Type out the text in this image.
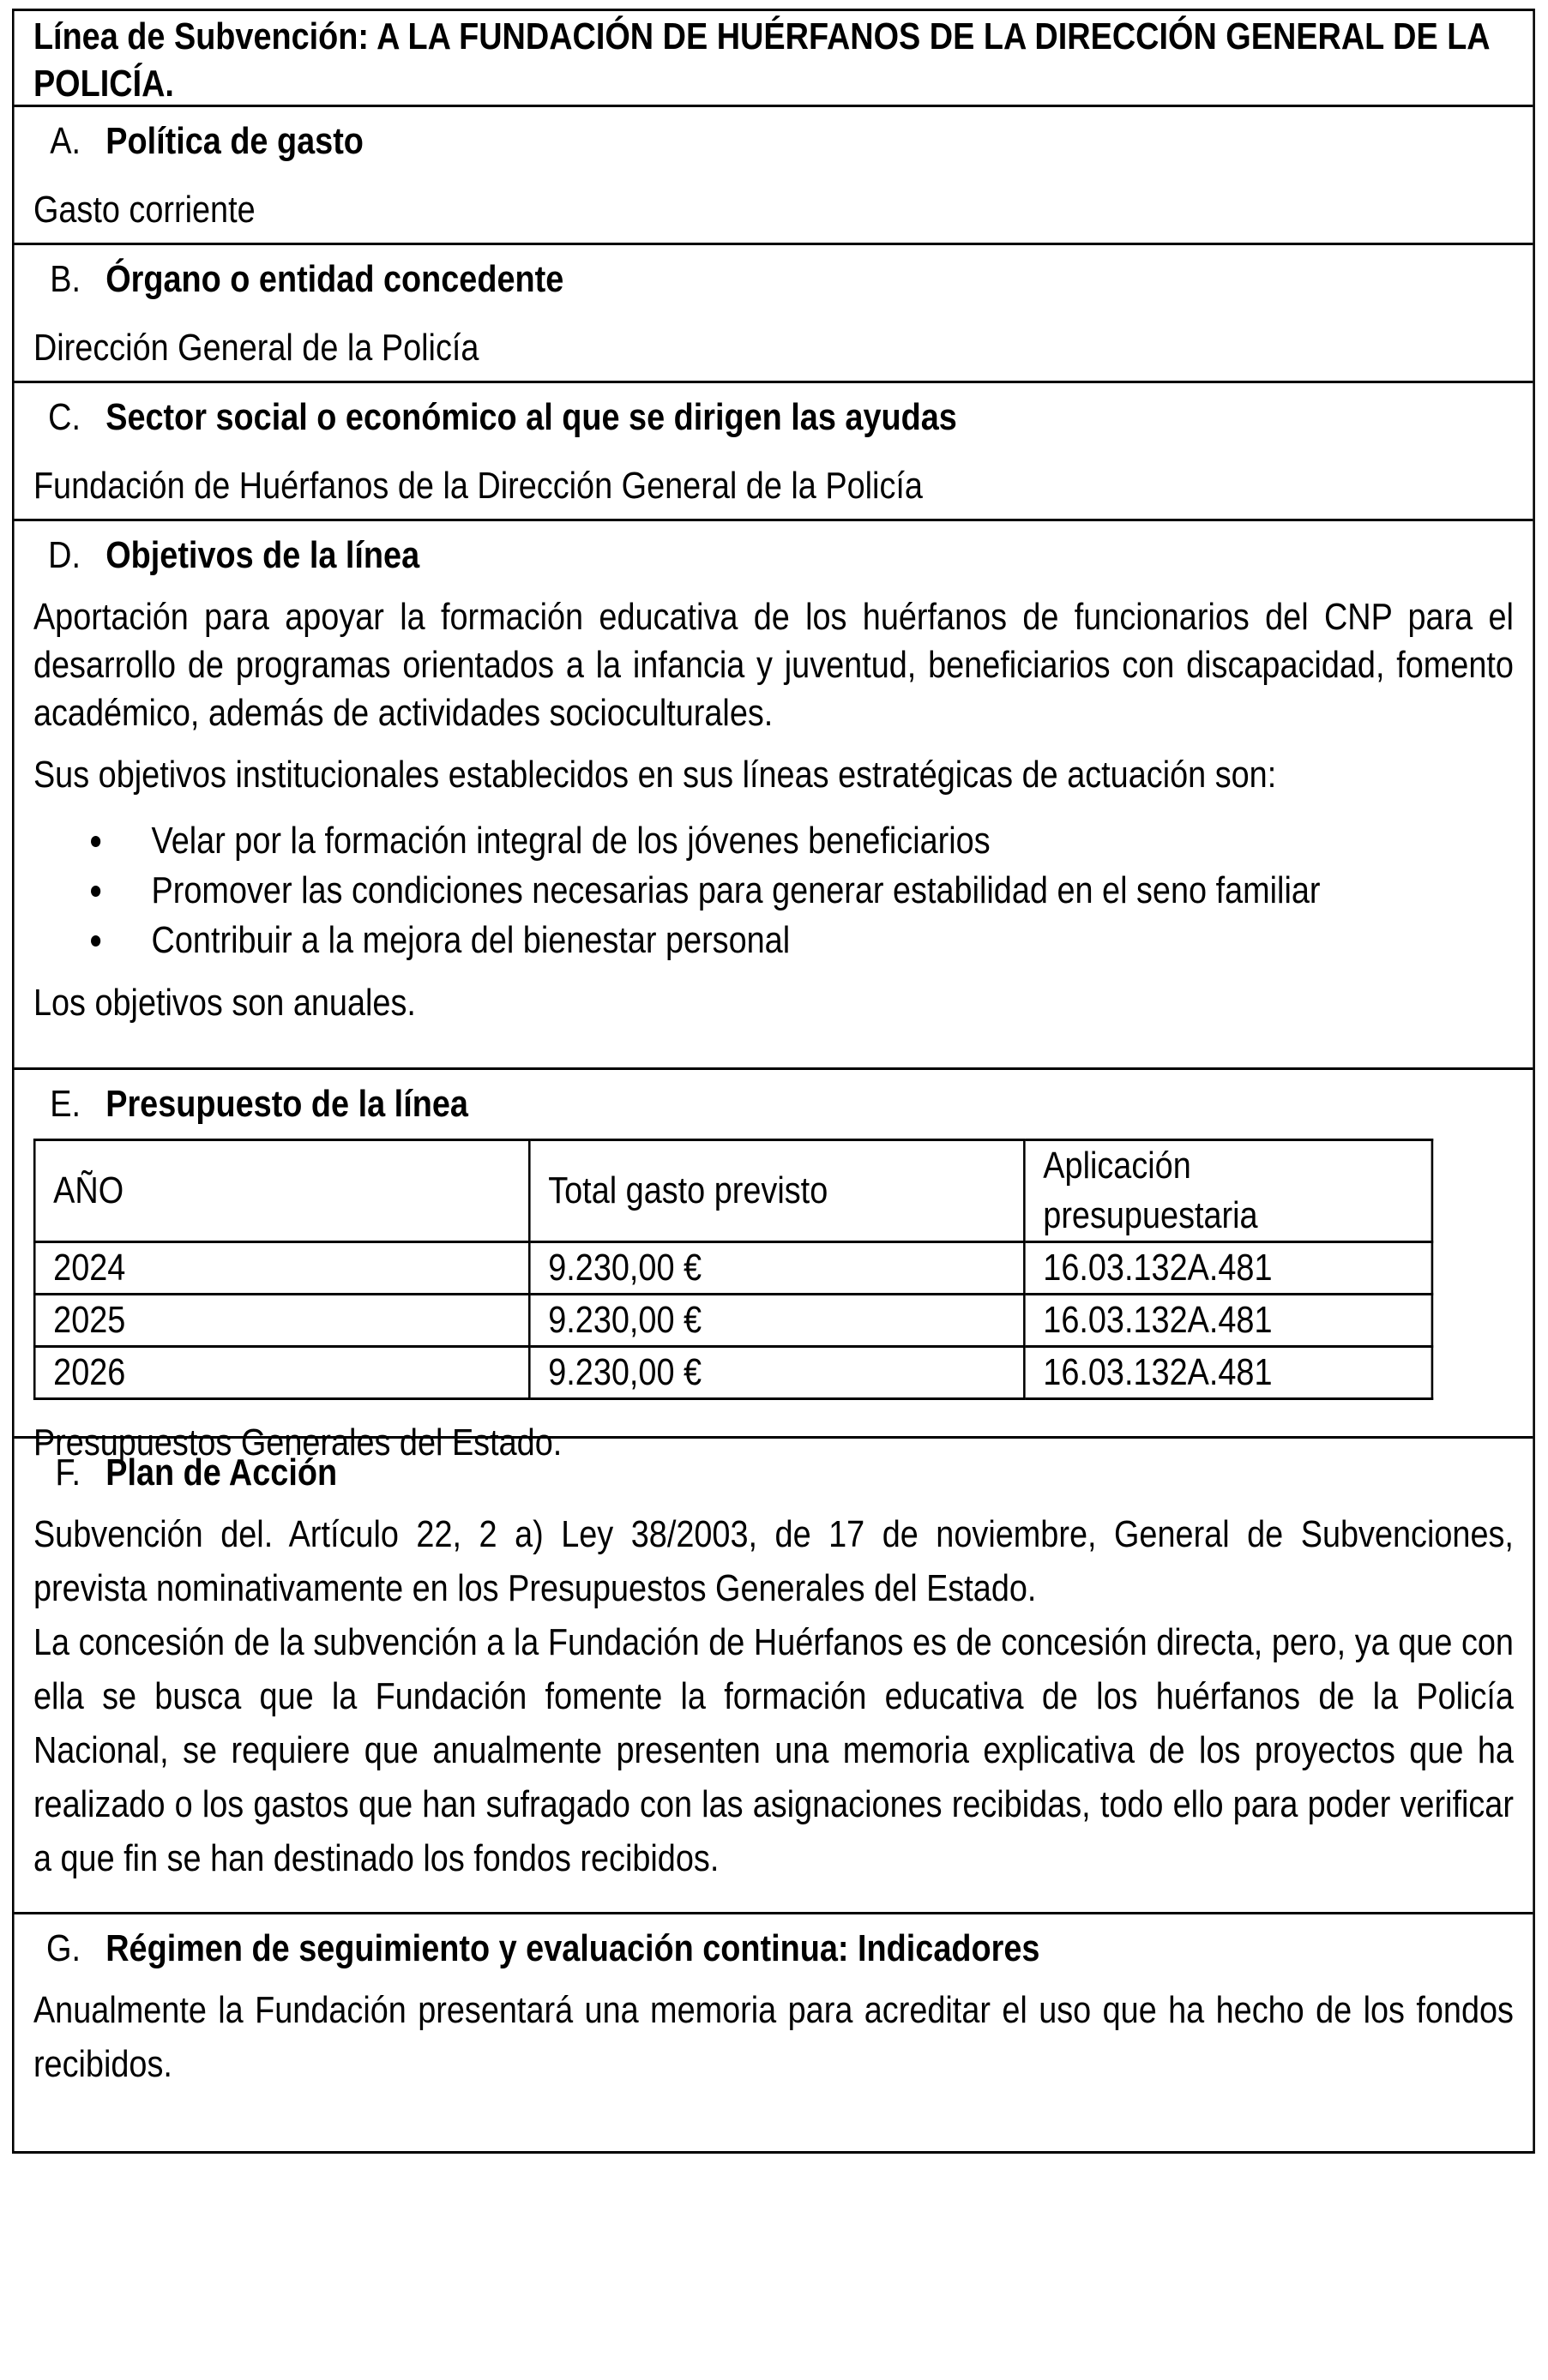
Línea de Subvención: A LA FUNDACIÓN DE HUÉRFANOS DE LA DIRECCIÓN GENERAL DE LA POLICÍA.
A. Política de gasto
Gasto corriente
B. Órgano o entidad concedente
Dirección General de la Policía
C. Sector social o económico al que se dirigen las ayudas
Fundación de Huérfanos de la Dirección General de la Policía
D. Objetivos de la línea
Aportación para apoyar la formación educativa de los huérfanos de funcionarios del CNP para el desarrollo de programas orientados a la infancia y juventud, beneficiarios con discapacidad, fomento académico, además de actividades socioculturales.
Sus objetivos institucionales establecidos en sus líneas estratégicas de actuación son:
Velar por la formación integral de los jóvenes beneficiarios
Promover las condiciones necesarias para generar estabilidad en el seno familiar
Contribuir a la mejora del bienestar personal
Los objetivos son anuales.
E. Presupuesto de la línea
AÑO	Total gasto previsto	Aplicación presupuestaria
2024	9.230,00 €	16.03.132A.481
2025	9.230,00 €	16.03.132A.481
2026	9.230,00 €	16.03.132A.481
Presupuestos Generales del Estado.
F. Plan de Acción
Subvención del. Artículo 22, 2 a) Ley 38/2003, de 17 de noviembre, General de Subvenciones, prevista nominativamente en los Presupuestos Generales del Estado.
La concesión de la subvención a la Fundación de Huérfanos es de concesión directa, pero, ya que con ella se busca que la Fundación fomente la formación educativa de los huérfanos de la Policía Nacional, se requiere que anualmente presenten una memoria explicativa de los proyectos que ha realizado o los gastos que han sufragado con las asignaciones recibidas, todo ello para poder verificar a que fin se han destinado los fondos recibidos.
G. Régimen de seguimiento y evaluación continua: Indicadores
Anualmente la Fundación presentará una memoria para acreditar el uso que ha hecho de los fondos recibidos.
